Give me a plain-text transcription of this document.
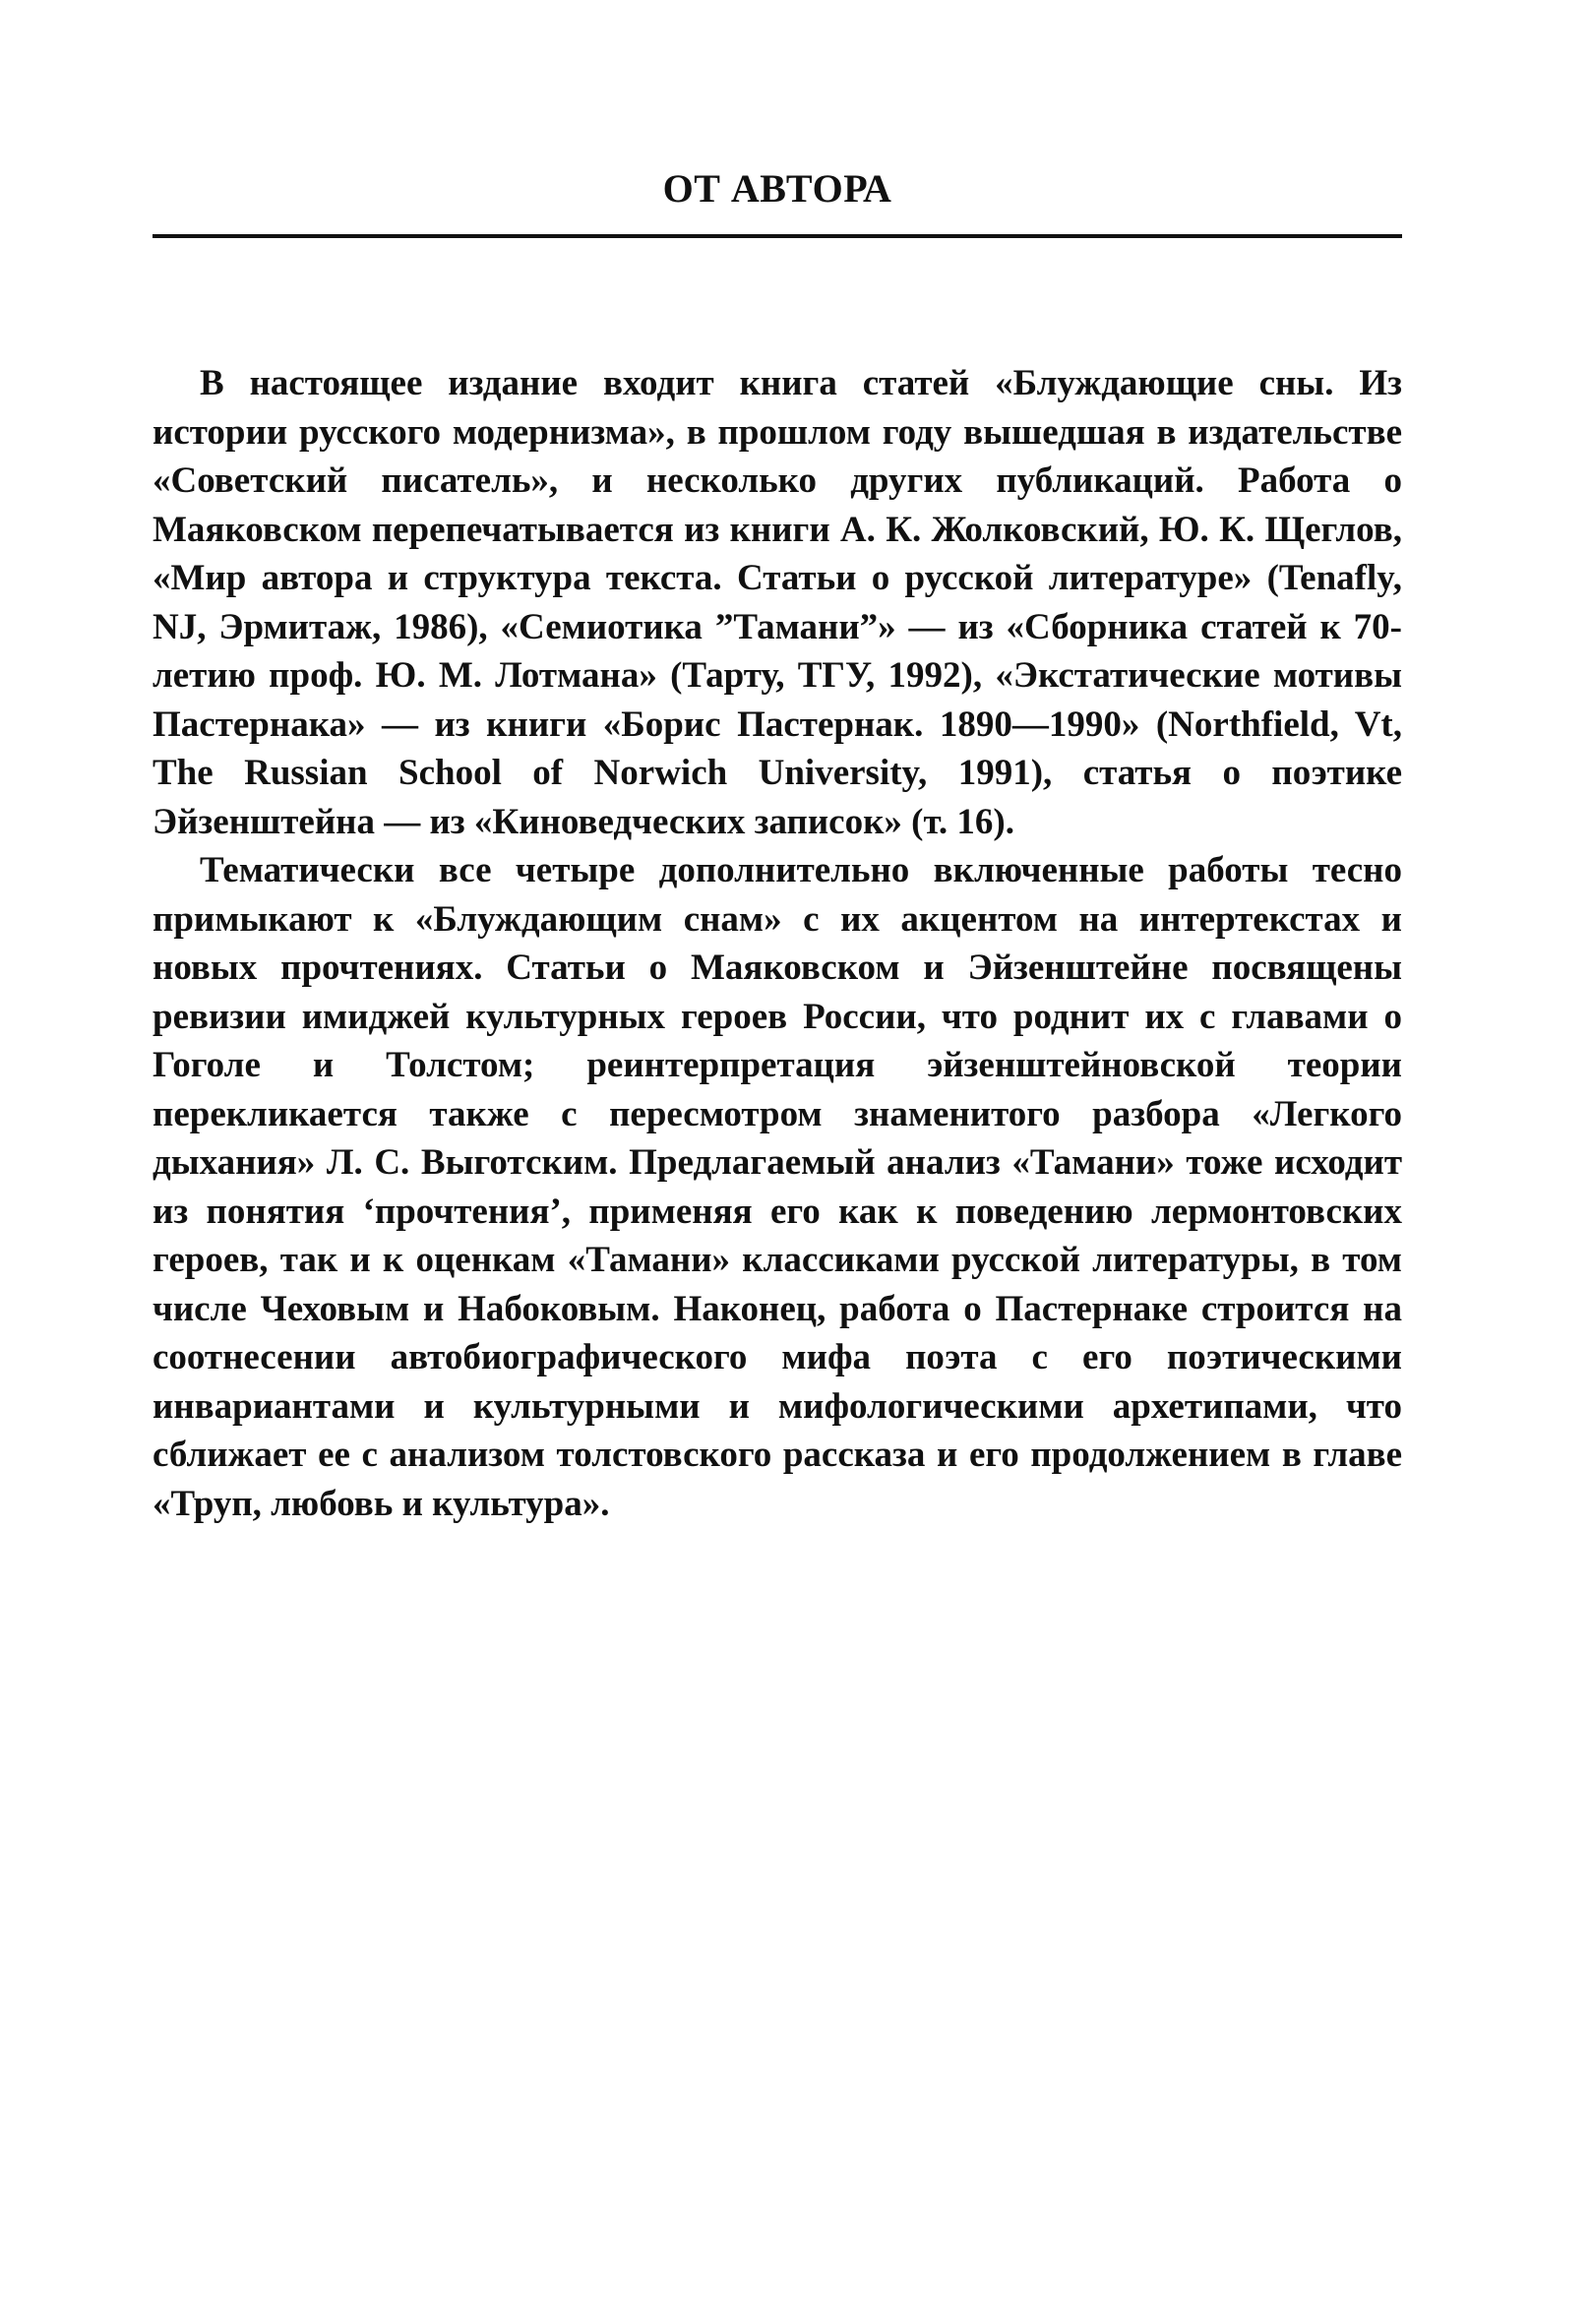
ОТ АВТОРА

В настоящее издание входит книга статей «Блуждающие сны. Из истории русского модернизма», в прошлом году вышедшая в издательстве «Советский писатель», и несколько других публикаций. Работа о Маяковском перепечатывается из книги А. К. Жолковский, Ю. К. Щеглов, «Мир автора и структура текста. Статьи о русской литературе» (Tenafly, NJ, Эрмитаж, 1986), «Семиотика ”Тамани”» — из «Сборника статей к 70-летию проф. Ю. М. Лотмана» (Тарту, ТГУ, 1992), «Экстатические мотивы Пастернака» — из книги «Борис Пастернак. 1890—1990» (Northfield, Vt, The Russian School of Norwich University, 1991), статья о поэтике Эйзенштейна — из «Киноведческих записок» (т. 16).

Тематически все четыре дополнительно включенные работы тесно примыкают к «Блуждающим снам» с их акцентом на интертекстах и новых прочтениях. Статьи о Маяковском и Эйзенштейне посвящены ревизии имиджей культурных героев России, что роднит их с главами о Гоголе и Толстом; реинтерпретация эйзенштейновской теории перекликается также с пересмотром знаменитого разбора «Легкого дыхания» Л. С. Выготским. Предлагаемый анализ «Тамани» тоже исходит из понятия ‘прочтения’, применяя его как к поведению лермонтовских героев, так и к оценкам «Тамани» классиками русской литературы, в том числе Чеховым и Набоковым. Наконец, работа о Пастернаке строится на соотнесении автобиографического мифа поэта с его поэтическими инвариантами и культурными и мифологическими архетипами, что сближает ее с анализом толстовского рассказа и его продолжением в главе «Труп, любовь и культура».
